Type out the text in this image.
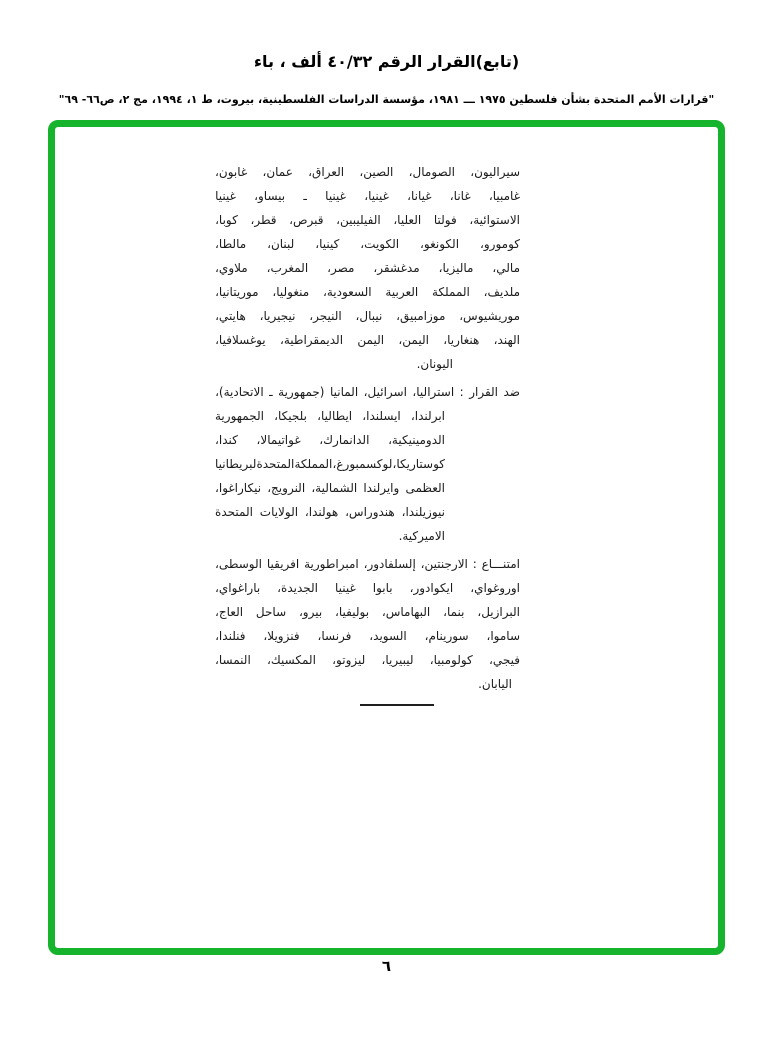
(تابع)القرار الرقم ٤٠/٣٢ ألف ، باء
"قرارات الأمم المتحدة بشأن فلسطين ١٩٧٥ ـــ ١٩٨١، مؤسسة الدراسات الفلسطينية، بيروت، ط ١، ١٩٩٤، مج ٢، ص٦٦- ٦٩"
سيراليون،
الصومال،
الصين،
العراق،
عمان،
غابون،
غامبيا،
غانا،
غيانا،
غينيا،
غينيا
ـ
بيساو،
غينيا
الاستوائية،
فولتا
العليا،
الفيليبين،
قبرص،
قطر،
كوبا،
كومورو،
الكونغو،
الكويت،
كينيا،
لبنان،
مالطا،
مالي،
ماليزيا،
مدغشقر،
مصر،
المغرب،
ملاوي،
ملديف،
المملكة
العربية
السعودية،
منغوليا،
موريتانيا،
موريشيوس،
موزامبيق،
نيبال،
النيجر،
نيجيريا،
هايتي،
الهند،
هنغاريا،
اليمن،
اليمن
الديمقراطية،
يوغسلافيا،
اليونان.
ضد
القرار
:
استراليا،
اسرائيل،
المانيا
(جمهورية
ـ
الاتحادية)،
ابرلندا،
ايسلندا،
ايطاليا،
بلجيكا،
الجمهورية
الدومينيكية،
الدانمارك،
غواتيمالا،
كندا،
كوستاريكا،
لوكسمبورغ،
المملكة
المتحدة
لبريطانيا
العظمى
وايرلندا
الشمالية،
النرويج،
نيكاراغوا،
نيوزيلندا،
هندوراس،
هولندا،
الولايات
المتحدة
الاميركية.
امتنـــاع
:
الارجنتين،
إلسلفادور،
امبراطورية
افريقيا
الوسطى،
اوروغواي،
ايكوادور،
بابوا
غينيا
الجديدة،
باراغواي،
البرازيل،
بنما،
البهاماس،
بوليفيا،
بيرو،
ساحل
العاج،
ساموا،
سورينام،
السويد،
فرنسا،
فنزويلا،
فنلندا،
فيجي،
كولومبيا،
ليبيريا،
ليزوتو،
المكسيك،
النمسا،
اليابان.
٦
